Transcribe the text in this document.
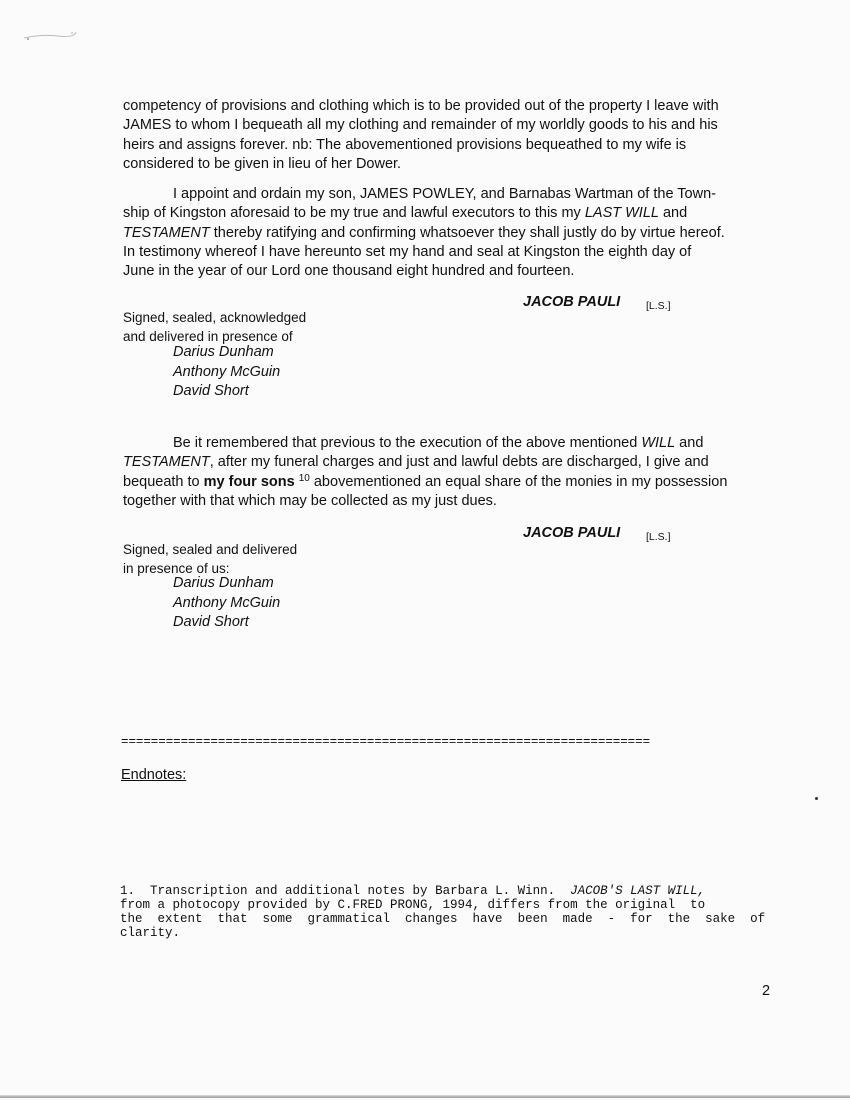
competency of provisions and clothing which is to be provided out of the property I leave with
JAMES to whom I bequeath all my clothing and remainder of my worldly goods to his and his
heirs and assigns forever. nb: The abovementioned provisions bequeathed to my wife is
considered to be given in lieu of her Dower.

I appoint and ordain my son, JAMES POWLEY, and Barnabas Wartman of the Town-
ship of Kingston aforesaid to be my true and lawful executors to this my LAST WILL and
TESTAMENT thereby ratifying and confirming whatsoever they shall justly do by virtue hereof.
In testimony whereof I have hereunto set my hand and seal at Kingston the eighth day of
June in the year of our Lord one thousand eight hundred and fourteen.

JACOB PAULI [L.S.]
Signed, sealed, acknowledged
and delivered in presence of
Darius Dunham
Anthony McGuin
David Short

Be it remembered that previous to the execution of the above mentioned WILL and
TESTAMENT, after my funeral charges and just and lawful debts are discharged, I give and
bequeath to my four sons $^{10}$ abovementioned an equal share of the monies in my possession
together with that which may be collected as my just dues.

JACOB PAULI [L.S.]
Signed, sealed and delivered
in presence of us:
Darius Dunham
Anthony McGuin
David Short
=======================================================================
Endnotes:
1.  Transcription and additional notes by Barbara L. Winn.  JACOB'S LAST WILL,
from a photocopy provided by C.FRED PRONG, 1994, differs from the original  to
the  extent  that  some  grammatical  changes  have  been  made  -  for  the  sake  of
clarity.
2
